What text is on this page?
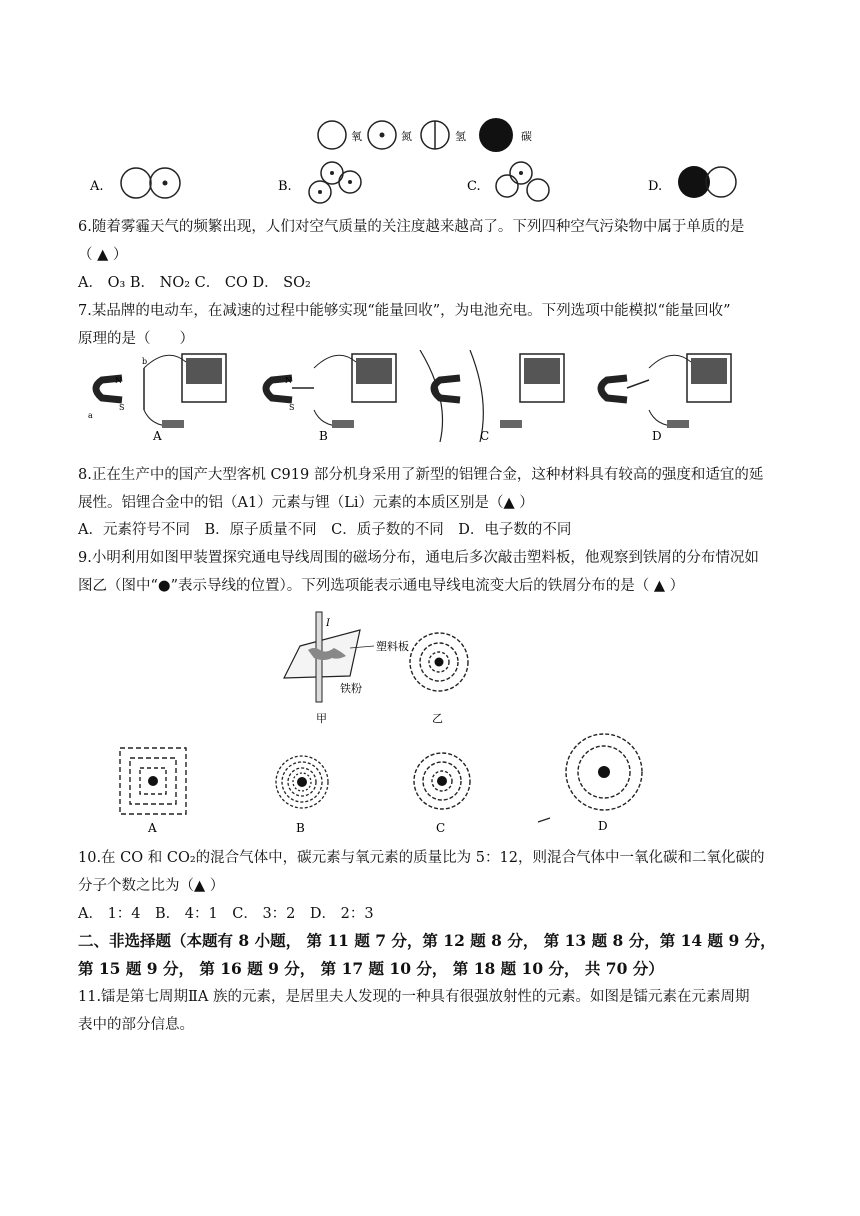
氧	氮	氢	碳
A.	B.	C.	D.
6.随着雾霾天气的频繁出现，人们对空气质量的关注度越来越高了。下列四种空气污染物中属于单质的是
（ ▲ ）
A． O₃ B． NO₂ C． CO D． SO₂
7.某品牌的电动车，在减速的过程中能够实现“能量回收”，为电池充电。下列选项中能模拟“能量回收”
原理的是（　　）
N
S
b
a
A
N
S
B	C	D
8.正在生产中的国产大型客机 C919 部分机身采用了新型的铝锂合金，这种材料具有较高的强度和适宜的延
展性。铝锂合金中的铝（A1）元素与锂（Li）元素的本质区别是（▲ ）
A．元素符号不同　B．原子质量不同　C．质子数的不同　D．电子数的不同
9.小明利用如图甲装置探究通电导线周围的磁场分布，通电后多次敲击塑料板，他观察到铁屑的分布情况如
图乙（图中“●”表示导线的位置）。下列选项能表示通电导线电流变大后的铁屑分布的是（ ▲ ）
I
塑料板
铁粉
甲	乙
A	B	C	D
10.在 CO 和 CO₂的混合气体中，碳元素与氧元素的质量比为 5：12，则混合气体中一氧化碳和二氧化碳的
分子个数之比为（▲ ）
A． 1：4　B． 4：1　C． 3：2　D． 2：3
二、非选择题（本题有 8 小题， 第 11 题 7 分，第 12 题 8 分， 第 13 题 8 分，第 14 题 9 分，
第 15 题 9 分， 第 16 题 9 分， 第 17 题 10 分， 第 18 题 10 分， 共 70 分）
11.镭是第七周期ⅡA 族的元素，是居里夫人发现的一种具有很强放射性的元素。如图是镭元素在元素周期
表中的部分信息。
